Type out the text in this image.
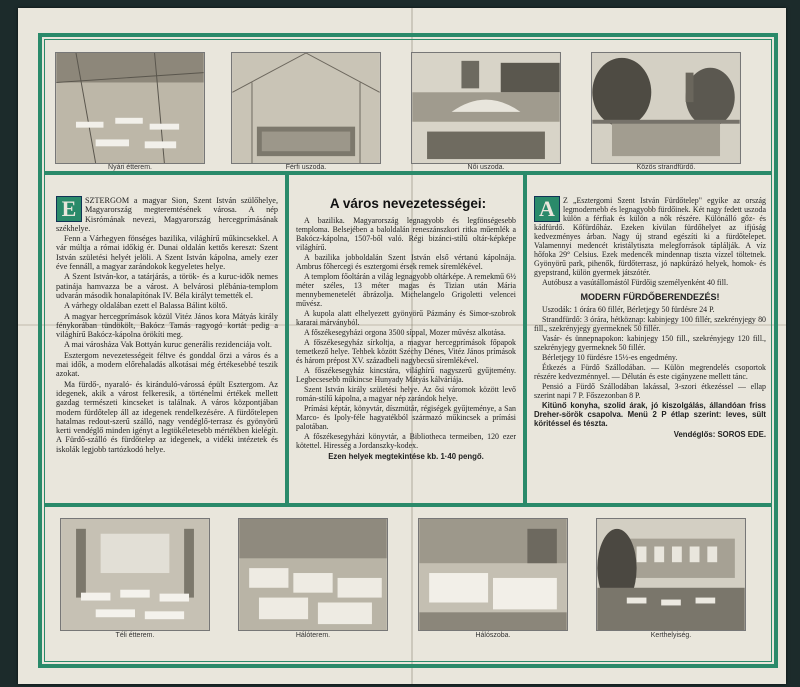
Nyári étterem.	Férfi uszoda.	Női uszoda.	Közös strandfürdő.
E	SZTERGOM a magyar Sion, Szent István szülőhelye, Magyarország megteremtésének városa. A nép Kisrómának nevezi, Magyarország hercegprímásának székhelye.

Fenn a Várhegyen fönséges bazilika, világhírű műkincsekkel. A vár múltja a római időkig ér. Dunai oldalán kettős kereszt: Szent István születési helyét jelöli. A Szent István kápolna, amely ezer éve fennáll, a magyar zarándokok kegyeletes helye.

A Szent István-kor, a tatárjárás, a török- és a kuruc-idők nemes patinája hamvazza be a várost. A belvárosi plébánia-templom udvarán második honalapítónak IV. Béla királyt temették el.

A várhegy oldalában ezett el Balassa Bálint költő.

A magyar hercegprímások közül Vitéz János kora Mátyás király fénykorában tündökölt, Bakócz Tamás ragyogó kortát pedig a világhírű Bakócz-kápolna örökíti meg.

A mai városháza Vak Bottyán kuruc generális rezidenciája volt.

Esztergom nevezetességeit féltve és gonddal őrzi a város és a mai idők, a modern előrehaladás alkotásai még értékesebbé teszik azokat.

Ma fürdő-, nyaraló- és kiránduló-várossá épült Esztergom. Az idegenek, akik a várost felkeresik, a történelmi értékek mellett gazdag természeti kincseket is találnak. A város központjában modern fürdőtelep áll az idegenek rendelkezésére. A fürdőtelepen hatalmas redout-szerű szálló, nagy vendéglő-terrasz és gyönyörű kerti vendéglő minden igényt a legtökéletesebb mértékben kielégít. A Fürdő-szálló és fürdőtelep az idegenek, a vidéki intézetek és iskolák legjobb tartózkodó helye.

A város nevezetességei:

A bazilika. Magyarország legnagyobb és legfönségesebb temploma. Belsejében a baloldalán reneszánszkori ritka műemlék a Bakócz-kápolna, 1507-ből való. Régi bizánci-stílű oltár-képképe világhírű.

A bazilika jobboldalán Szent István első vértanú kápolnája. Ambrus főhercegi és esztergomi érsek remek síremlékével.

A templom főoltárán a világ legnagyobb oltárképe. A remekmű 6½ méter széles, 13 méter magas és Tizian után Mária mennybemenetelét ábrázolja. Michelangelo Grigoletti velencei művész.

A kupola alatt elhelyezett gyönyörű Pázmány és Simor-szobrok kararai márványból.

A főszékesegyházi orgona 3500 síppal, Mozer művész alkotása.

A főszékesegyház sírkoltja, a magyar hercegprímások főpapok temetkező helye. Tehbek között Széchy Dénes, Vitéz János prímások és három prépost XV. századbeli nagybecsű síremlékével.

A főszékesegyház kincstára, világhírű nagyszerű gyűjtemény. Legbecsesebb műkincse Hunyady Mátyás kálváriája.

Szent István király születési helye. Az ősi váromok között levő román-stílű kápolna, a magyar nép zarándok helye.

Prímási képtár, könyvtár, díszmütár, régiségek gyűjteménye, a San Marco- és Ipoly-féle hagyatékból származó műkincsek a prímási palotában.

A főszékesegyházi könyvtár, a Bibliotheca termeiben, 120 ezer kötettel. Hiresség a Jordanszky-kodex.

Ezen helyek megtekintése kb. 1·40 pengő.
A	Z „Esztergomi Szent István Fürdőtelep" egyike az ország legmodernebb és legnagyobb fürdőinek. Két nagy fedett uszoda külön a férfiak és külön a nők részére. Különálló gőz- és kádfürdő. Kőfürdőház. Ezeken kívülan fürdőhelyet az ifjúság kedvezményes árban. Nagy új strand egészíti ki a fürdőtelepet. Valamennyi medencét kristálytiszta melegforrások táplálják. A víz hőfoka 29° Celsius. Ezek medencék mindennap tiszta vízzel töltetnek. Gyönyörű park, pihenők, fürdőterrasz, jó napkúrázó helyek, homok- és gyepstrand, külön gyermek játszótér.

Autóbusz a vasútállomástól Fürdőig személyenként 40 fill.

MODERN FÜRDŐBERENDEZÉS!

Uszodák: 1 órára 60 fillér, Bérletjegy 50 fürdésre 24 P.

Strandfürdő: 3 órára, hétköznap: kabinjegy 100 fillér, szekrényjegy 80 fill., szekrényjegy gyermeknek 50 fillér.

Vasár- és ünnepnapokon: kabinjegy 150 fill., szekrényjegy 120 fill., szekrényjegy gyermeknek 50 fillér.

Bérletjegy 10 fürdésre 15½-es engedmény.

Étkezés a Fürdő Szállodában. — Külön megrendelés csoportok részére kedvezménnyel. — Délután és este cigányzene mellett tánc.

Pensió a Fürdő Szállodában lakással, 3-szori étkezéssel — ellap szerint napi 7 P. Főszezonban 8 P.

Kitünő konyha, szolid árak, jó kiszolgálás, állandóan friss Dreher-sörök csapolva. Menü 2 P étlap szerint: leves, sült köritéssel és tészta.

Vendéglős: SOROS EDE.
Téli étterem.	Hálóterem.	Hálószoba.	Kerthelyiség.
